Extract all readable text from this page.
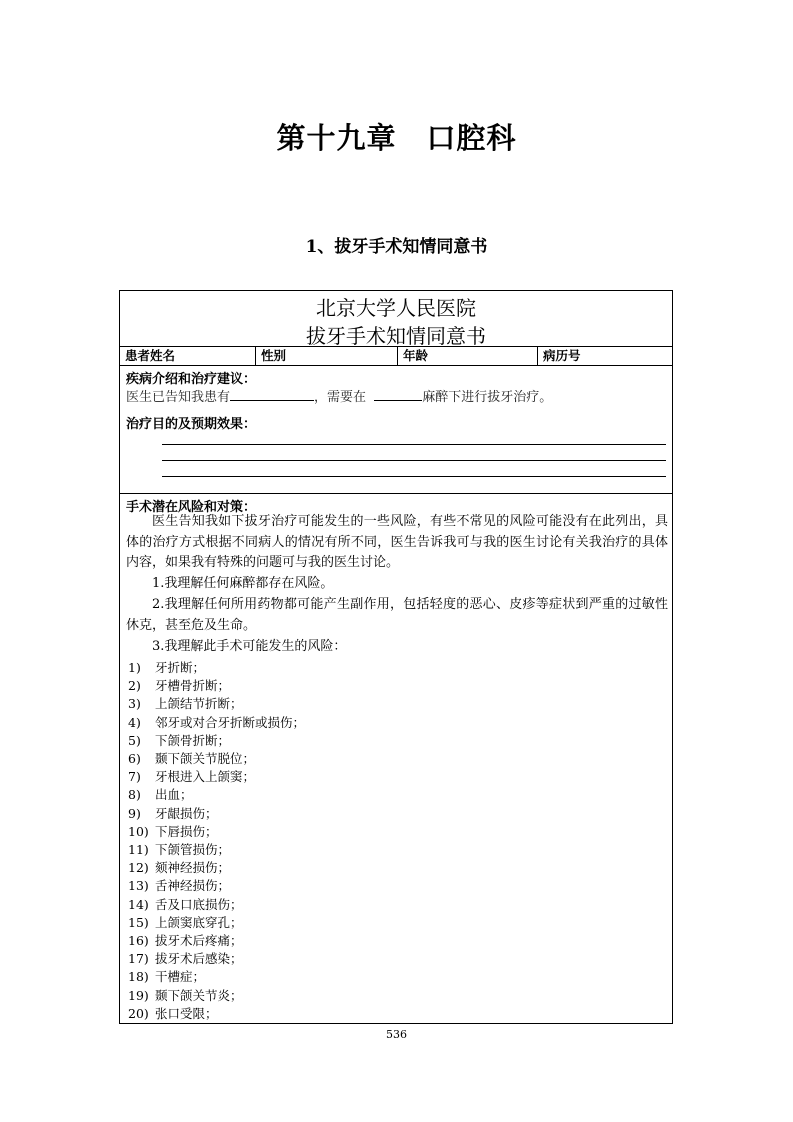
第十九章　口腔科
1、拔牙手术知情同意书
北京大学人民医院
拔牙手术知情同意书
患者姓名	性别	年龄	病历号
疾病介绍和治疗建议：
医生已告知我患有	，需要在	麻醉下进行拔牙治疗。
治疗目的及预期效果：
手术潜在风险和对策：
医生告知我如下拔牙治疗可能发生的一些风险，有些不常见的风险可能没有在此列出，具体的治疗方式根据不同病人的情况有所不同，医生告诉我可与我的医生讨论有关我治疗的具体内容，如果我有特殊的问题可与我的医生讨论。
1.我理解任何麻醉都存在风险。
2.我理解任何所用药物都可能产生副作用，包括轻度的恶心、皮疹等症状到严重的过敏性休克，甚至危及生命。
3.我理解此手术可能发生的风险：
1) 牙折断；
2) 牙槽骨折断；
3) 上颌结节折断；
4) 邻牙或对合牙折断或损伤；
5) 下颌骨折断；
6) 颞下颌关节脱位；
7) 牙根进入上颌窦；
8) 出血；
9) 牙龈损伤；
10) 下唇损伤；
11) 下颌管损伤；
12) 颏神经损伤；
13) 舌神经损伤；
14) 舌及口底损伤；
15) 上颌窦底穿孔；
16) 拔牙术后疼痛；
17) 拔牙术后感染；
18) 干槽症；
19) 颞下颌关节炎；
20) 张口受限；
536
